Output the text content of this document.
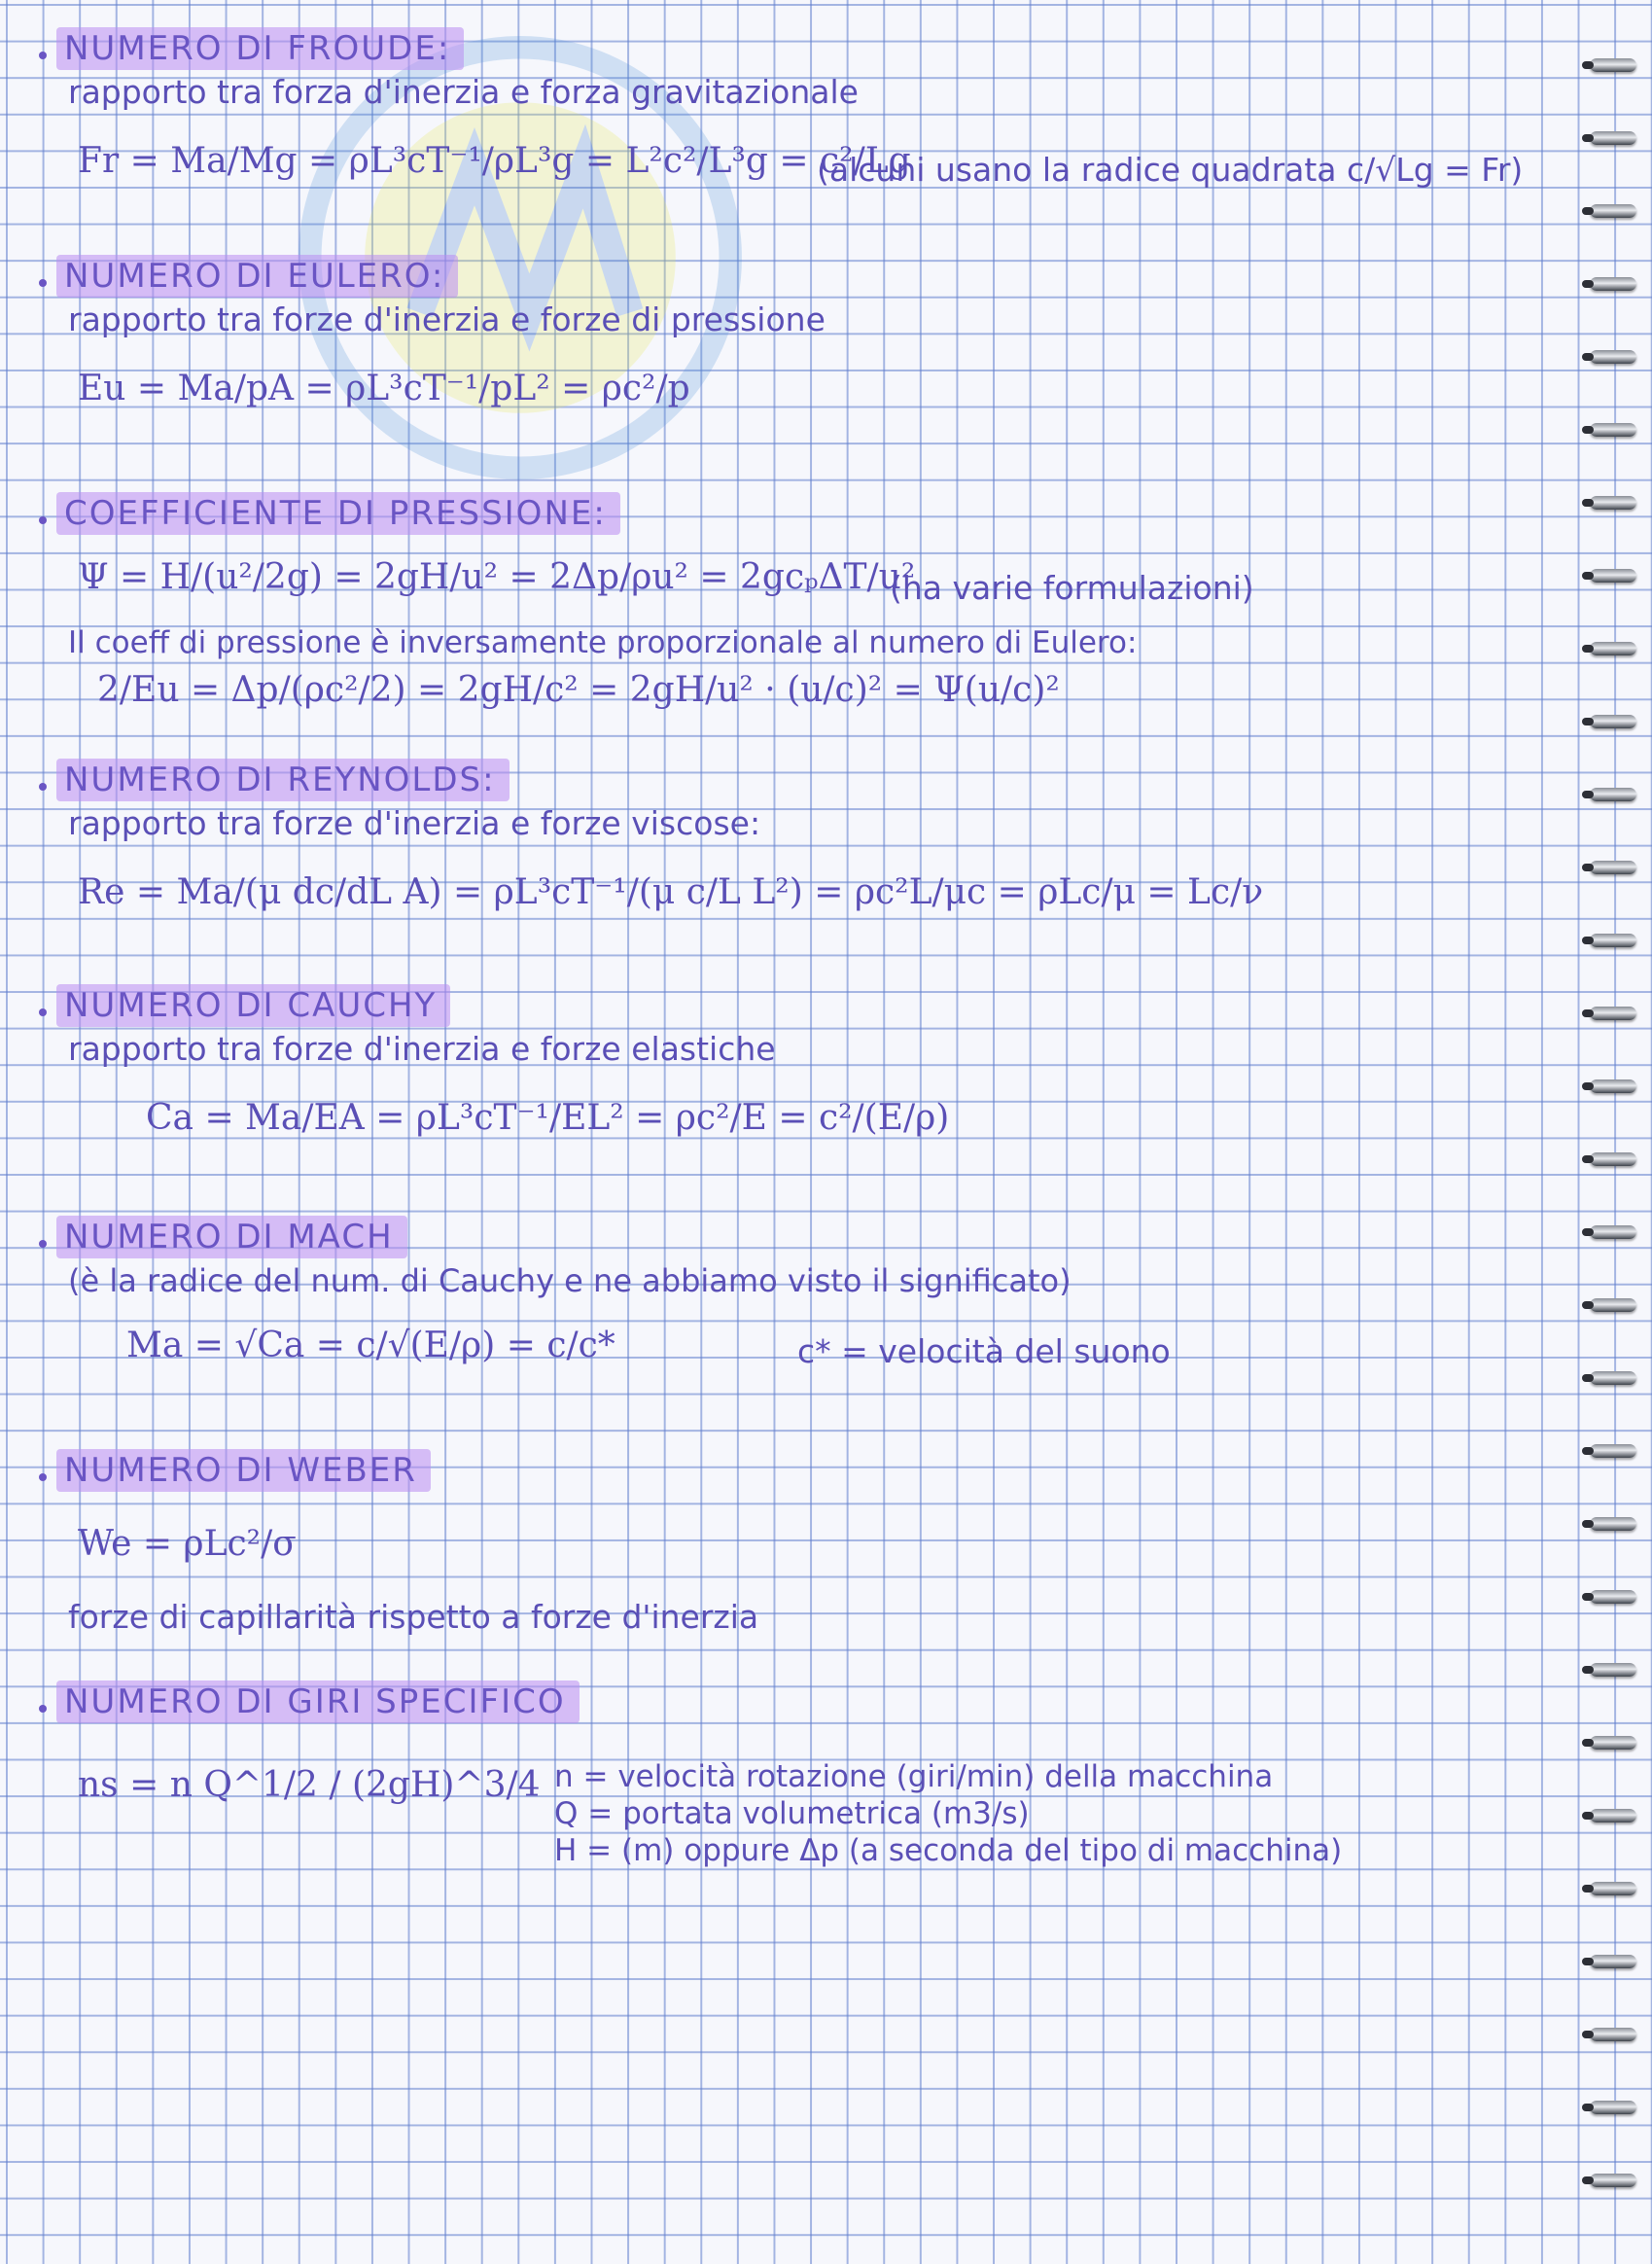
NUMERO DI FROUDE:
rapporto tra forza d'inerzia e forza gravitazionale
Fr = Ma/Mg = ρL³cT⁻¹/ρL³g = L²c²/L³g = c²/Lg
(alcuni usano la radice quadrata c/√Lg = Fr)
NUMERO DI EULERO:
rapporto tra forze d'inerzia e forze di pressione
Eu = Ma/pA = ρL³cT⁻¹/pL² = ρc²/p
COEFFICIENTE DI PRESSIONE:
Ψ = H/(u²/2g) = 2gH/u² = 2Δp/ρu² = 2gcₚΔT/u²
Il coeff di pressione è inversamente proporzionale al numero di Eulero:
2/Eu = Δp/(ρc²/2) = 2gH/c² = 2gH/u² · (u/c)² = Ψ(u/c)²
(ha varie formulazioni)
NUMERO DI REYNOLDS:
rapporto tra forze d'inerzia e forze viscose:
Re = Ma/(μ dc/dL A) = ρL³cT⁻¹/(μ c/L L²) = ρc²L/μc = ρLc/μ = Lc/ν
NUMERO DI CAUCHY
rapporto tra forze d'inerzia e forze elastiche
Ca = Ma/EA = ρL³cT⁻¹/EL² = ρc²/E = c²/(E/ρ)
NUMERO DI MACH
(è la radice del num. di Cauchy e ne abbiamo visto il significato)
Ma = √Ca = c/√(E/ρ) = c/c*	c* = velocità del suono
NUMERO DI WEBER
We = ρLc²/σ
forze di capillarità rispetto a forze d'inerzia
NUMERO DI GIRI SPECIFICO
ns = n Q^1/2 / (2gH)^3/4 n = velocità rotazione (giri/min) della macchina
Q = portata volumetrica (m3/s)
H = (m) oppure Δp (a seconda del tipo di macchina)
